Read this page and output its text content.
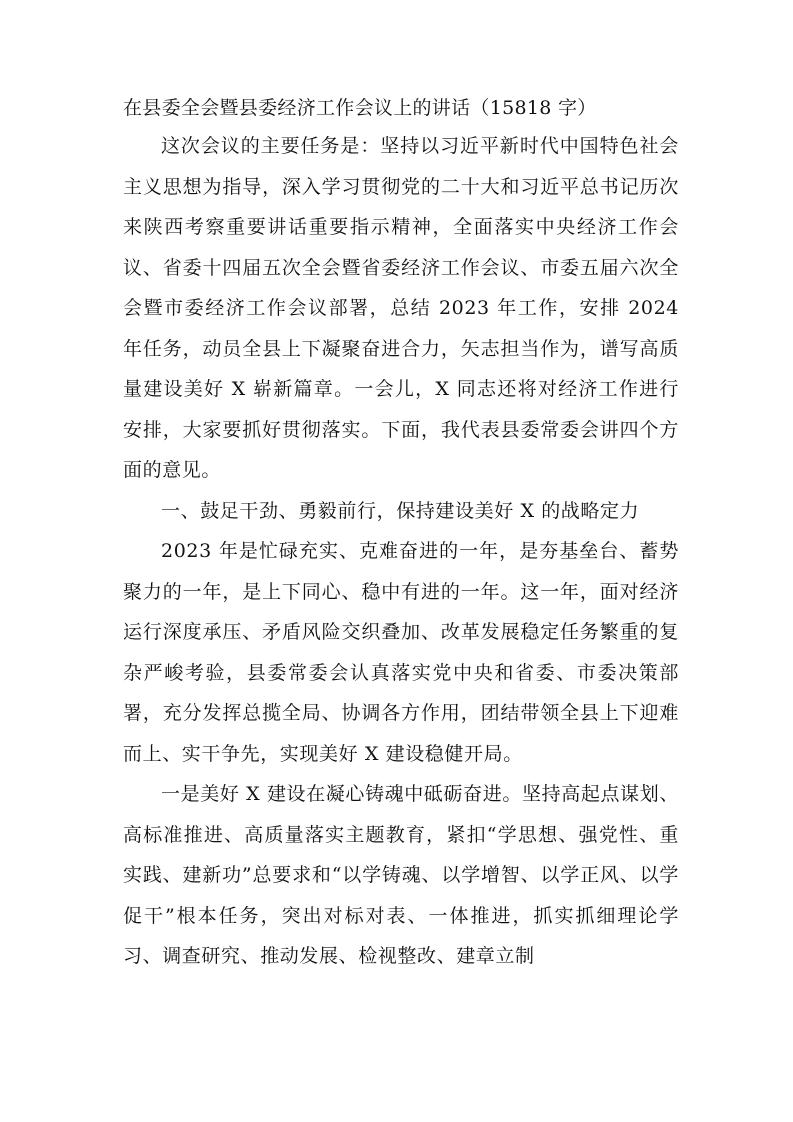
在县委全会暨县委经济工作会议上的讲话（15818 字）

这次会议的主要任务是：坚持以习近平新时代中国特色社会主义思想为指导，深入学习贯彻党的二十大和习近平总书记历次来陕西考察重要讲话重要指示精神，全面落实中央经济工作会议、省委十四届五次全会暨省委经济工作会议、市委五届六次全会暨市委经济工作会议部署，总结 2023 年工作，安排 2024 年任务，动员全县上下凝聚奋进合力，矢志担当作为，谱写高质量建设美好 X 崭新篇章。一会儿，X 同志还将对经济工作进行安排，大家要抓好贯彻落实。下面，我代表县委常委会讲四个方面的意见。

一、鼓足干劲、勇毅前行，保持建设美好 X 的战略定力

2023 年是忙碌充实、克难奋进的一年，是夯基垒台、蓄势聚力的一年，是上下同心、稳中有进的一年。这一年，面对经济运行深度承压、矛盾风险交织叠加、改革发展稳定任务繁重的复杂严峻考验，县委常委会认真落实党中央和省委、市委决策部署，充分发挥总揽全局、协调各方作用，团结带领全县上下迎难而上、实干争先，实现美好 X 建设稳健开局。

一是美好 X 建设在凝心铸魂中砥砺奋进。坚持高起点谋划、高标准推进、高质量落实主题教育，紧扣“学思想、强党性、重实践、建新功”总要求和“以学铸魂、以学增智、以学正风、以学促干”根本任务，突出对标对表、一体推进，抓实抓细理论学习、调查研究、推动发展、检视整改、建章立制
